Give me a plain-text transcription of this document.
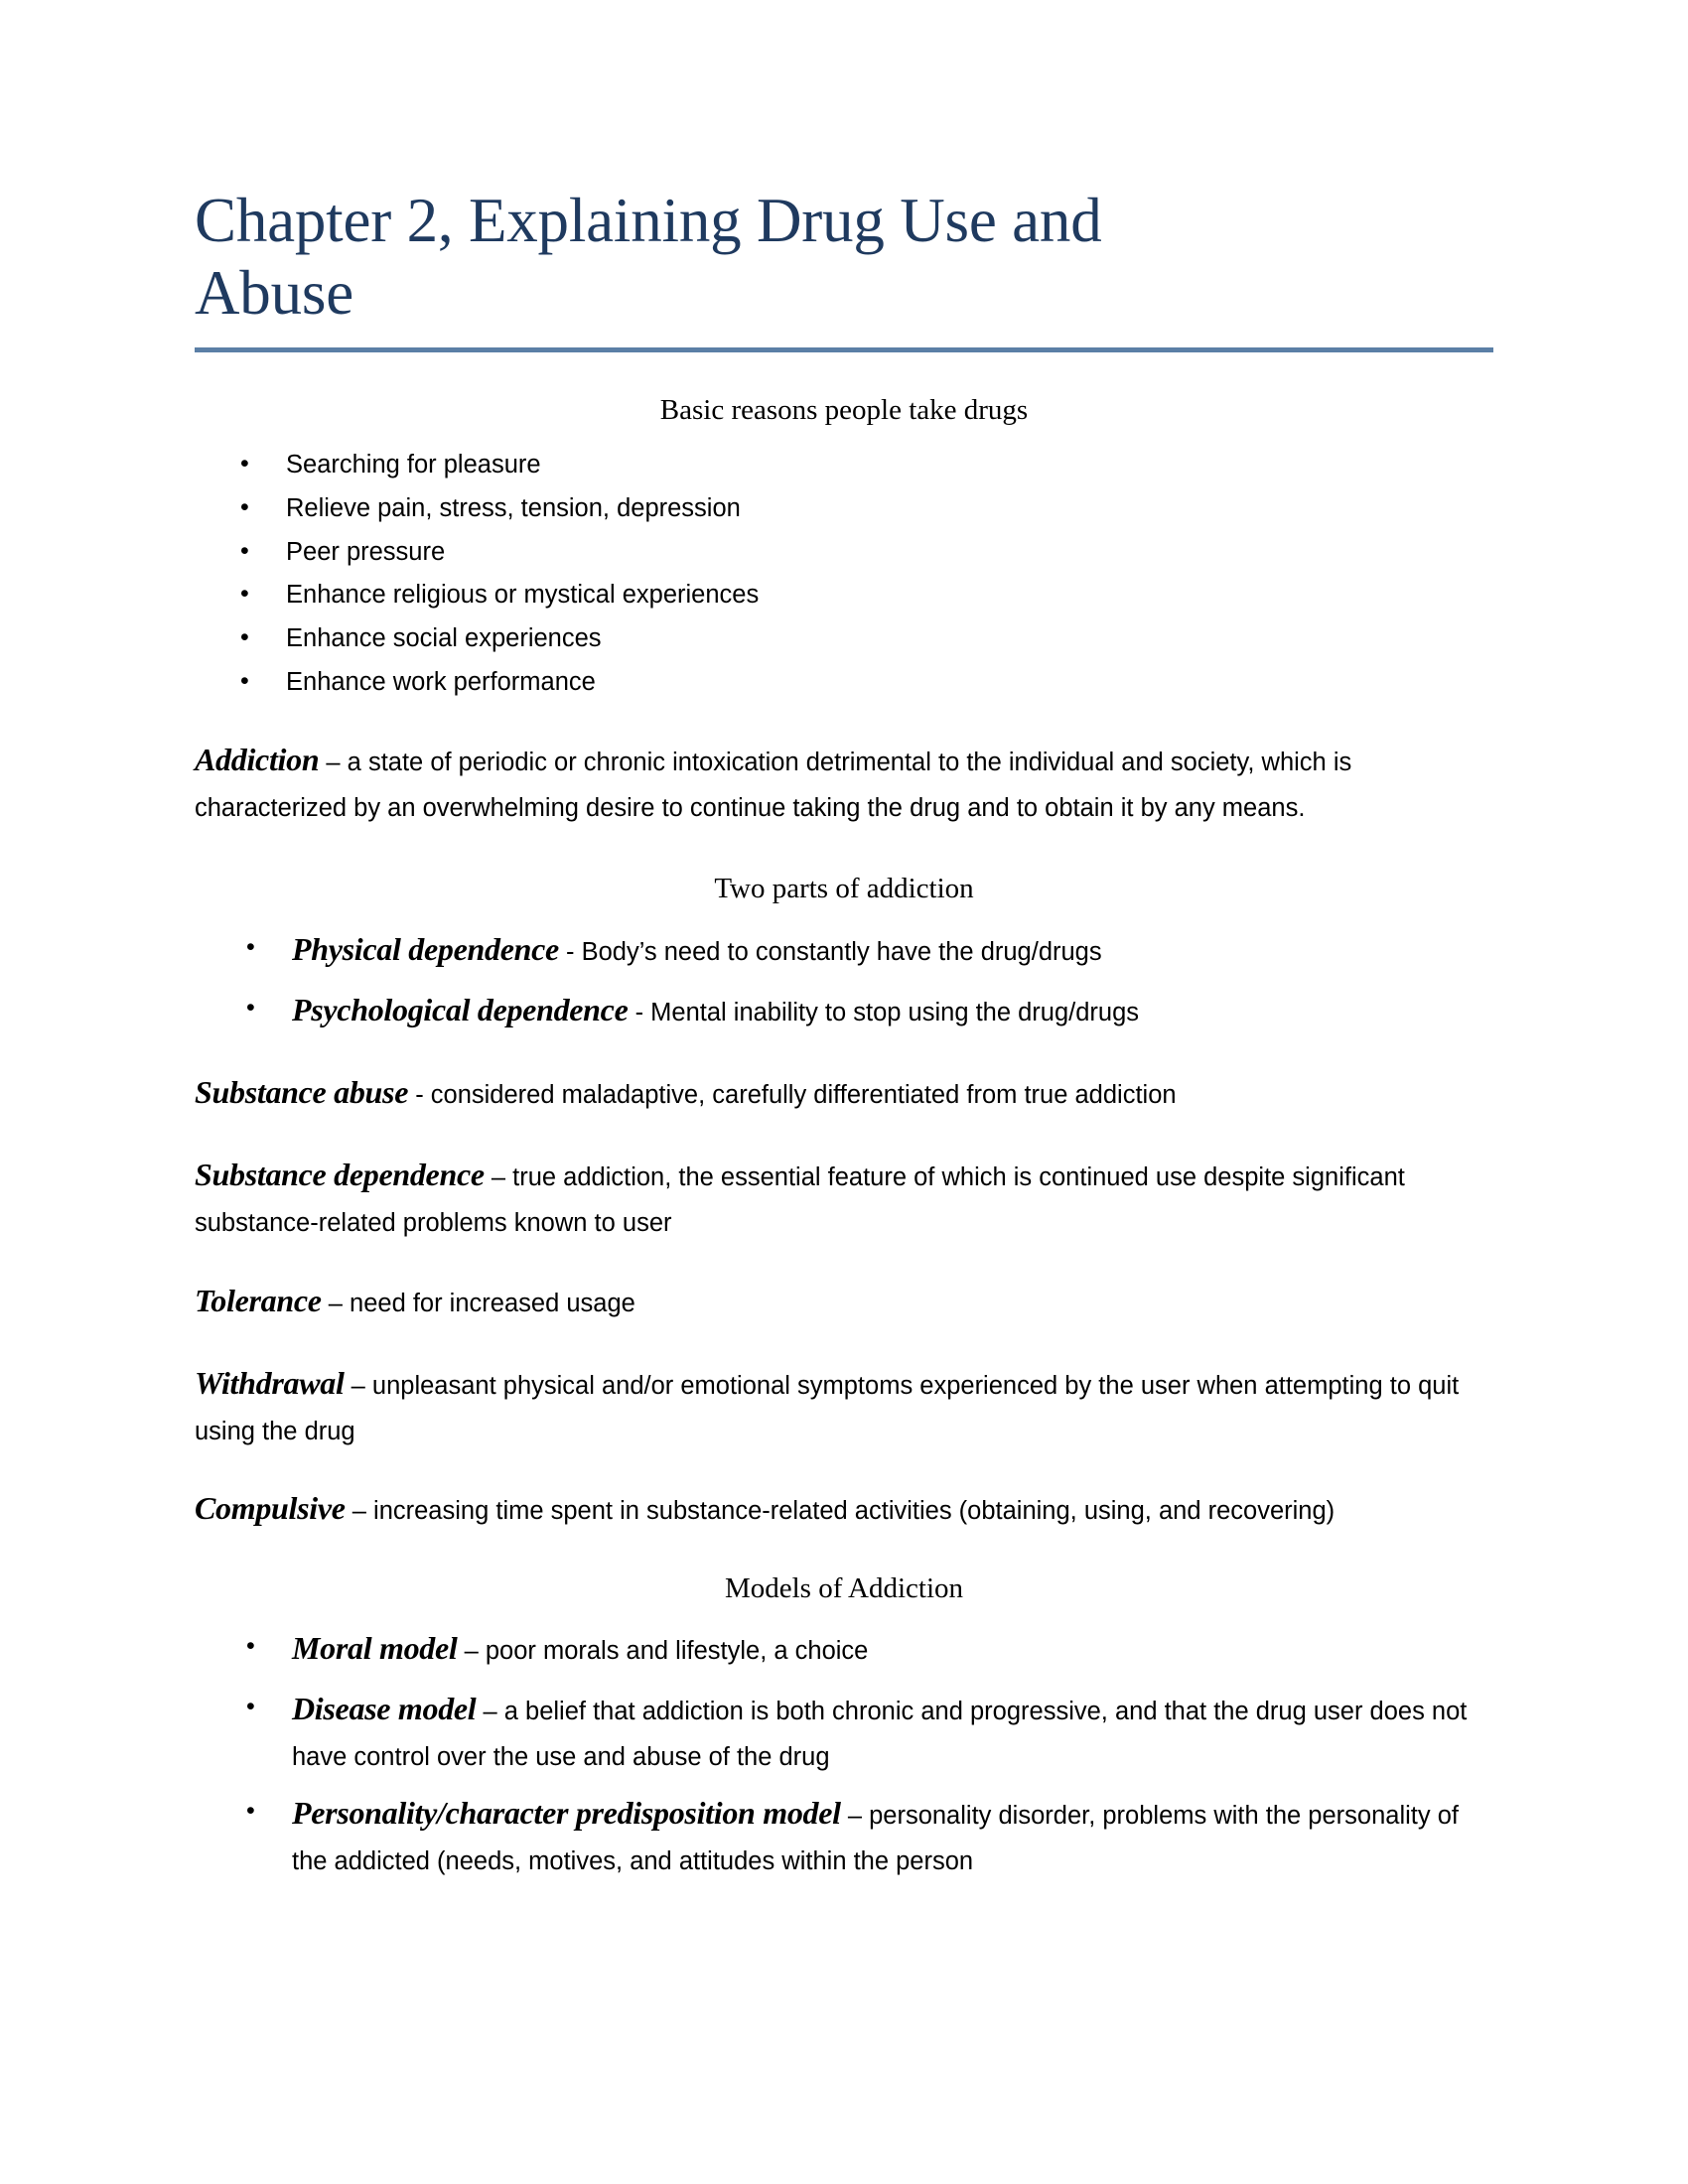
Chapter 2, Explaining Drug Use and
Abuse
Basic reasons people take drugs
• Searching for pleasure
• Relieve pain, stress, tension, depression
• Peer pressure
• Enhance religious or mystical experiences
• Enhance social experiences
• Enhance work performance

Addiction – a state of periodic or chronic intoxication detrimental to the individual and society, which is characterized by an overwhelming desire to continue taking the drug and to obtain it by any means.

Two parts of addiction
• Physical dependence - Body’s need to constantly have the drug/drugs
• Psychological dependence - Mental inability to stop using the drug/drugs

Substance abuse - considered maladaptive, carefully differentiated from true addiction

Substance dependence – true addiction, the essential feature of which is continued use despite significant substance-related problems known to user

Tolerance – need for increased usage

Withdrawal – unpleasant physical and/or emotional symptoms experienced by the user when attempting to quit using the drug

Compulsive – increasing time spent in substance-related activities (obtaining, using, and recovering)

Models of Addiction
• Moral model – poor morals and lifestyle, a choice
• Disease model – a belief that addiction is both chronic and progressive, and that the drug user does not have control over the use and abuse of the drug
• Personality/character predisposition model – personality disorder, problems with the personality of the addicted (needs, motives, and attitudes within the person
